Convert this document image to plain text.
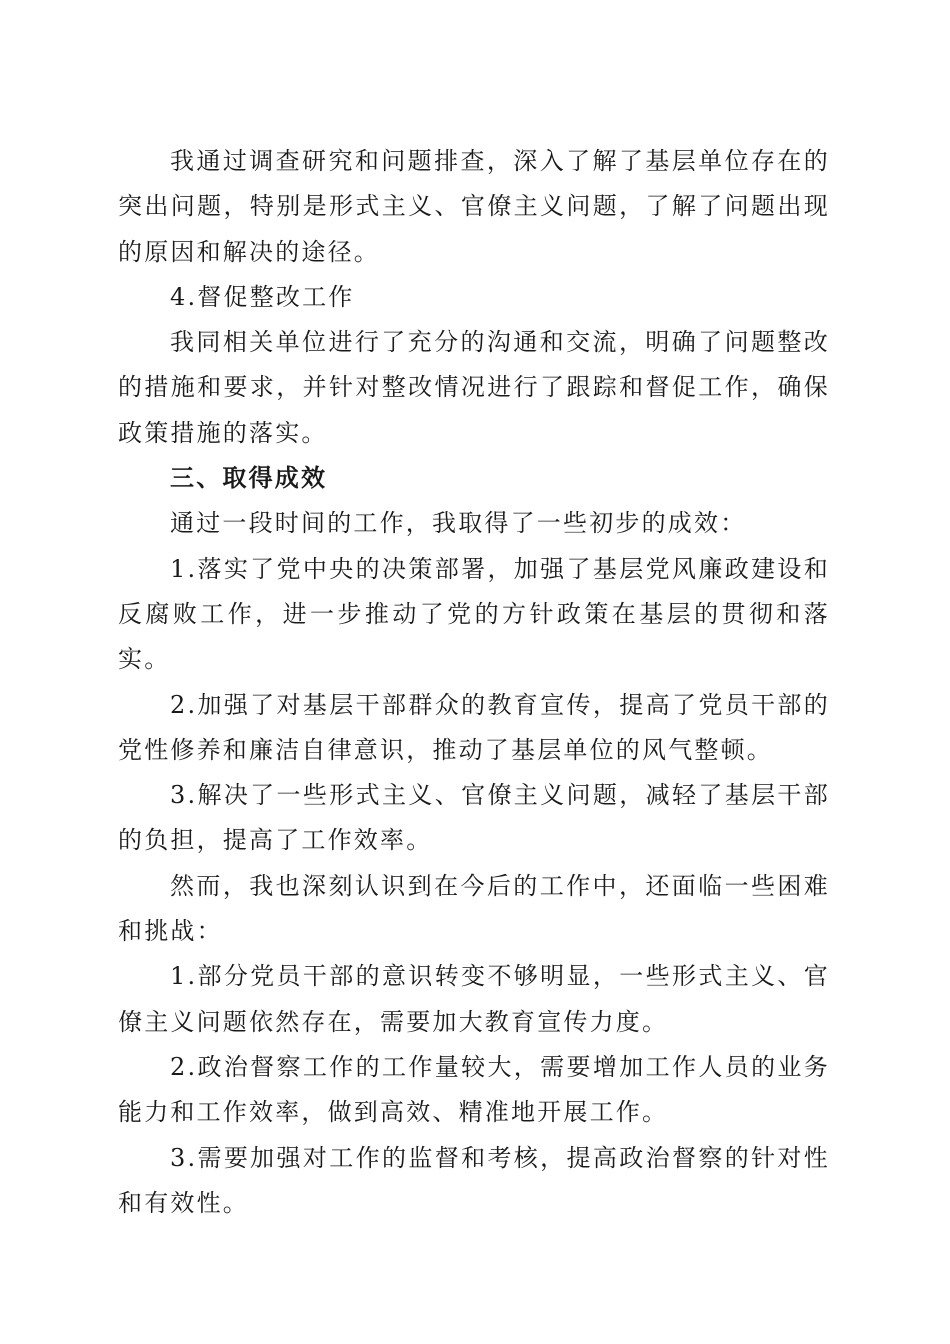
我通过调查研究和问题排查，深入了解了基层单位存在的突出问题，特别是形式主义、官僚主义问题，了解了问题出现的原因和解决的途径。

4.督促整改工作

我同相关单位进行了充分的沟通和交流，明确了问题整改的措施和要求，并针对整改情况进行了跟踪和督促工作，确保政策措施的落实。

三、取得成效

通过一段时间的工作，我取得了一些初步的成效：

1.落实了党中央的决策部署，加强了基层党风廉政建设和反腐败工作，进一步推动了党的方针政策在基层的贯彻和落实。

2.加强了对基层干部群众的教育宣传，提高了党员干部的党性修养和廉洁自律意识，推动了基层单位的风气整顿。

3.解决了一些形式主义、官僚主义问题，减轻了基层干部的负担，提高了工作效率。

然而，我也深刻认识到在今后的工作中，还面临一些困难和挑战：

1.部分党员干部的意识转变不够明显，一些形式主义、官僚主义问题依然存在，需要加大教育宣传力度。

2.政治督察工作的工作量较大，需要增加工作人员的业务能力和工作效率，做到高效、精准地开展工作。

3.需要加强对工作的监督和考核，提高政治督察的针对性和有效性。
